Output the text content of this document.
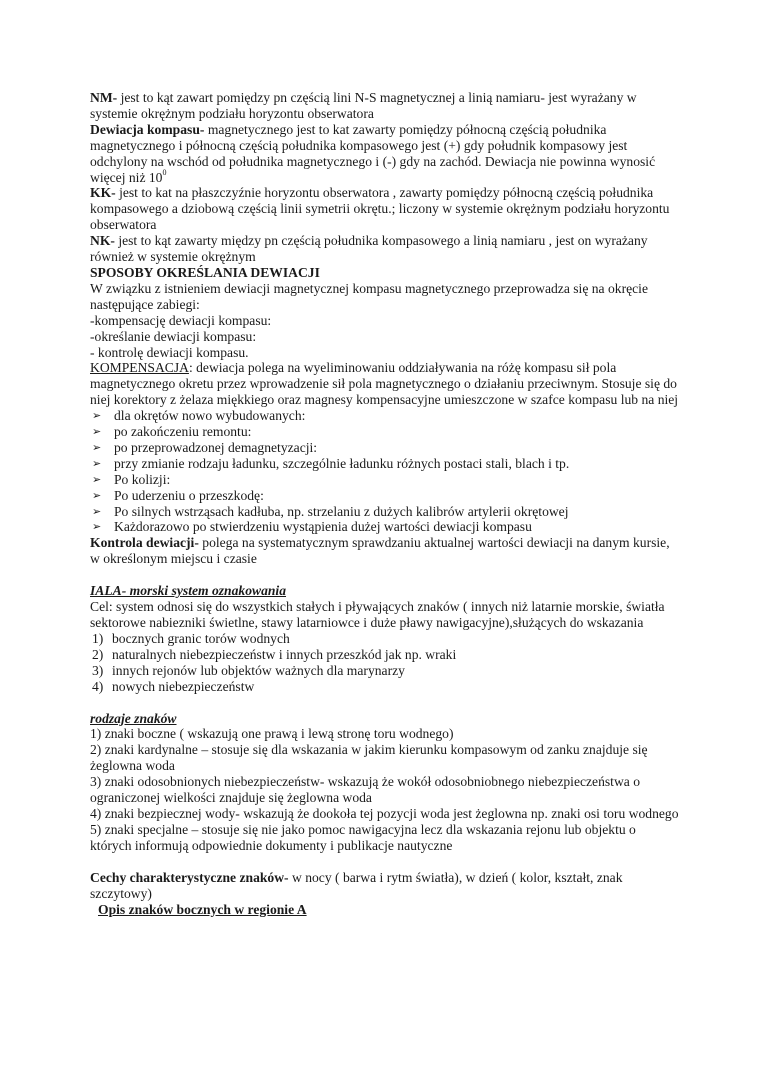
NM- jest to kąt zawart pomiędzy pn częścią lini N-S magnetycznej a linią namiaru- jest wyrażany w systemie okrężnym podziału horyzontu obserwatora

Dewiacja kompasu- magnetycznego jest to kat zawarty pomiędzy północną częścią południka magnetycznego i północną częścią południka kompasowego jest (+) gdy południk kompasowy jest odchylony na wschód od południka magnetycznego i (-) gdy na zachód. Dewiacja nie powinna wynosić więcej niż $10^0$

KK- jest to kat na płaszczyźnie horyzontu obserwatora , zawarty pomiędzy północną częścią południka kompasowego a dziobową częścią linii symetrii okrętu.; liczony w systemie okrężnym podziału horyzontu obserwatora

NK- jest to kąt zawarty między pn częścią południka kompasowego a linią namiaru , jest on wyrażany również w systemie okrężnym

SPOSOBY OKREŚLANIA DEWIACJI

W związku z istnieniem dewiacji magnetycznej kompasu magnetycznego przeprowadza się na okręcie następujące zabiegi:

-kompensację dewiacji kompasu:

-określanie dewiacji kompasu:

- kontrolę dewiacji kompasu.

KOMPENSACJA: dewiacja polega na wyeliminowaniu oddziaływania na różę kompasu sił pola magnetycznego okretu przez wprowadzenie sił pola magnetycznego o działaniu przeciwnym. Stosuje się do niej korektory z żelaza miękkiego oraz magnesy kompensacyjne umieszczone w szafce kompasu lub na niej

➢ dla okrętów nowo wybudowanych:
➢ po zakończeniu remontu:
➢ po przeprowadzonej demagnetyzacji:
➢ przy zmianie rodzaju ładunku, szczególnie ładunku różnych postaci stali, blach i tp.
➢ Po kolizji:
➢ Po uderzeniu o przeszkodę:
➢ Po silnych wstrząsach kadłuba, np. strzelaniu z dużych kalibrów artylerii okrętowej
➢ Każdorazowo po stwierdzeniu wystąpienia dużej wartości dewiacji kompasu

Kontrola dewiacji- polega na systematycznym sprawdzaniu aktualnej wartości dewiacji na danym kursie, w określonym miejscu i czasie

IALA- morski system oznakowania

Cel: system odnosi się do wszystkich stałych i pływających znaków ( innych niż latarnie morskie, światła sektorowe nabiezniki świetlne, stawy latarniowce i duże pławy nawigacyjne),służących do wskazania

1) bocznych granic torów wodnych
2) naturalnych niebezpieczeństw i innych przeszkód jak np. wraki
3) innych rejonów lub objektów ważnych dla marynarzy
4) nowych niebezpieczeństw

rodzaje znaków

1) znaki boczne ( wskazują one prawą i lewą stronę toru wodnego)

2) znaki kardynalne – stosuje się dla wskazania w jakim kierunku kompasowym od zanku znajduje się żeglowna woda

3) znaki odosobnionych niebezpieczeństw- wskazują że wokół odosobniobnego niebezpieczeństwa o ograniczonej wielkości znajduje się żeglowna woda

4) znaki bezpiecznej wody- wskazują że dookoła tej pozycji woda jest żeglowna np. znaki osi toru wodnego

5) znaki specjalne – stosuje się nie jako pomoc nawigacyjna lecz dla wskazania rejonu lub objektu o których informują odpowiednie dokumenty i publikacje nautyczne

Cechy charakterystyczne znaków- w nocy ( barwa i rytm światła), w dzień ( kolor, kształt, znak szczytowy)

Opis znaków bocznych w regionie A
